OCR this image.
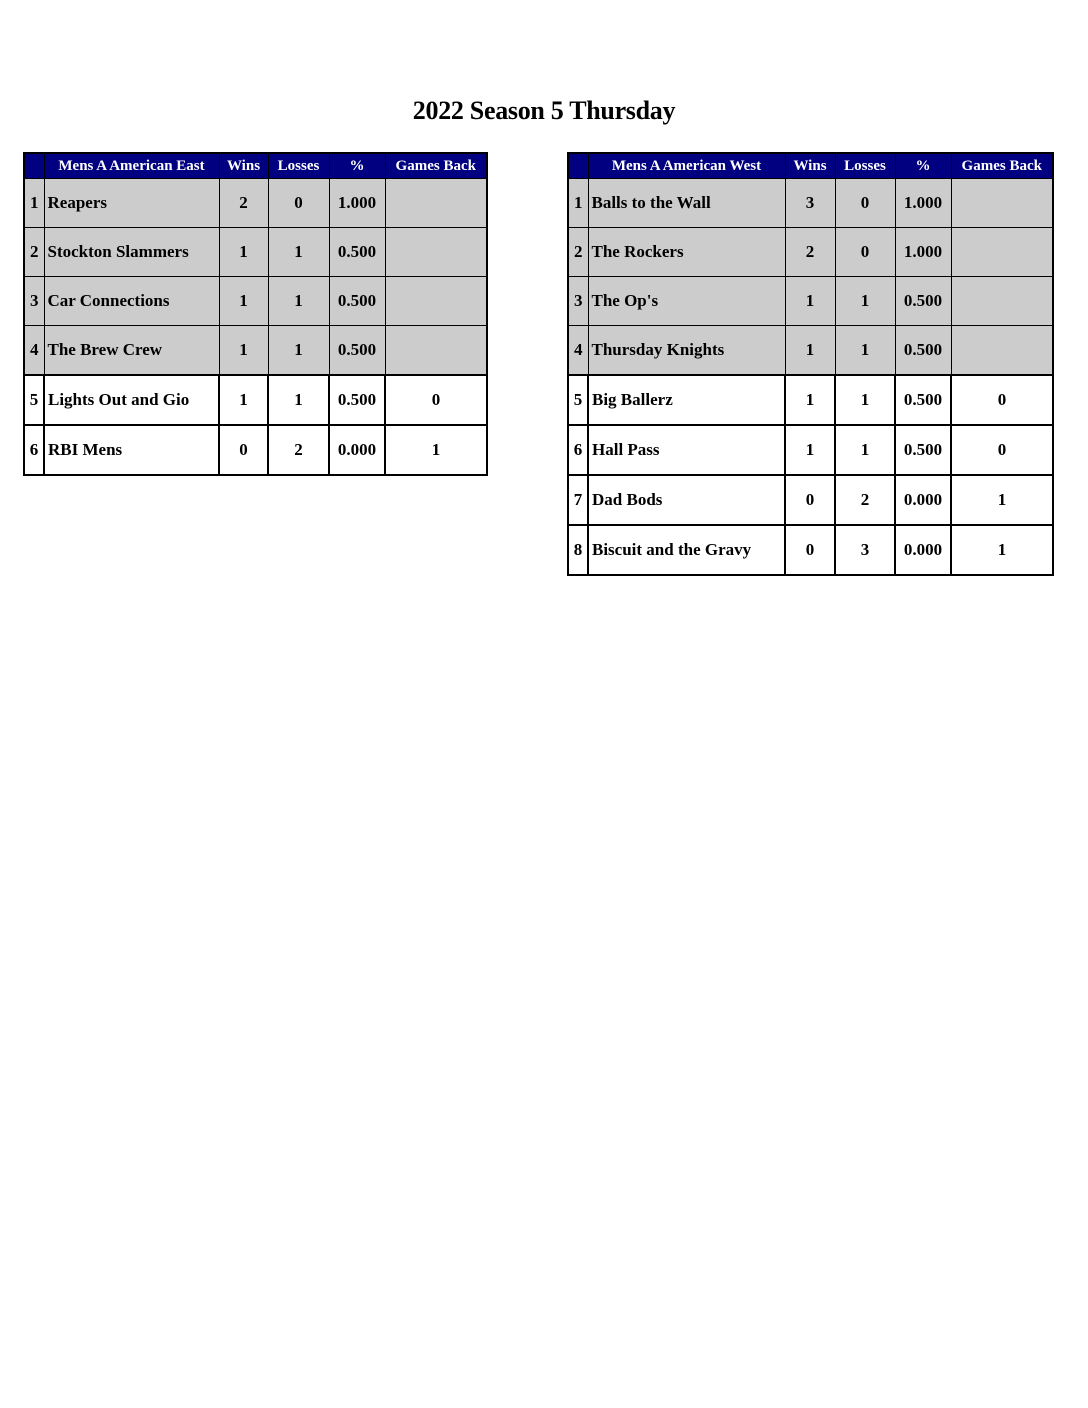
2022 Season 5 Thursday
	Mens A American East	Wins	Losses	%	Games Back
1	Reapers	2	0	1.000	
2	Stockton Slammers	1	1	0.500	
3	Car Connections	1	1	0.500	
4	The Brew Crew	1	1	0.500	
5	Lights Out and Gio	1	1	0.500	0
6	RBI Mens	0	2	0.000	1
	Mens A American West	Wins	Losses	%	Games Back
1	Balls to the Wall	3	0	1.000	
2	The Rockers	2	0	1.000	
3	The Op's	1	1	0.500	
4	Thursday Knights	1	1	0.500	
5	Big Ballerz	1	1	0.500	0
6	Hall Pass	1	1	0.500	0
7	Dad Bods	0	2	0.000	1
8	Biscuit and the Gravy	0	3	0.000	1
